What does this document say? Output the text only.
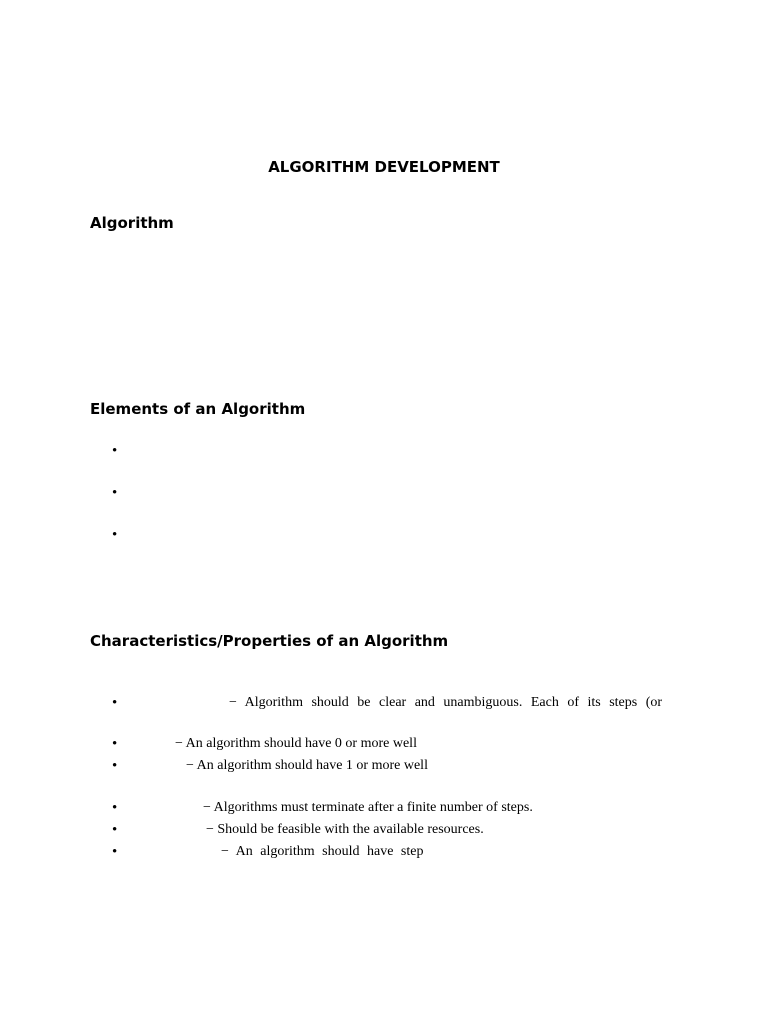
ALGORITHM DEVELOPMENT
Algorithm
Elements of an Algorithm
•
•
•
Characteristics/Properties of an Algorithm
•	− Algorithm should be clear and unambiguous. Each of its steps (or
•	− An algorithm should have 0 or more well
•	− An algorithm should have 1 or more well
•	− Algorithms must terminate after a finite number of steps.
•	− Should be feasible with the available resources.
•	− An algorithm should have step
